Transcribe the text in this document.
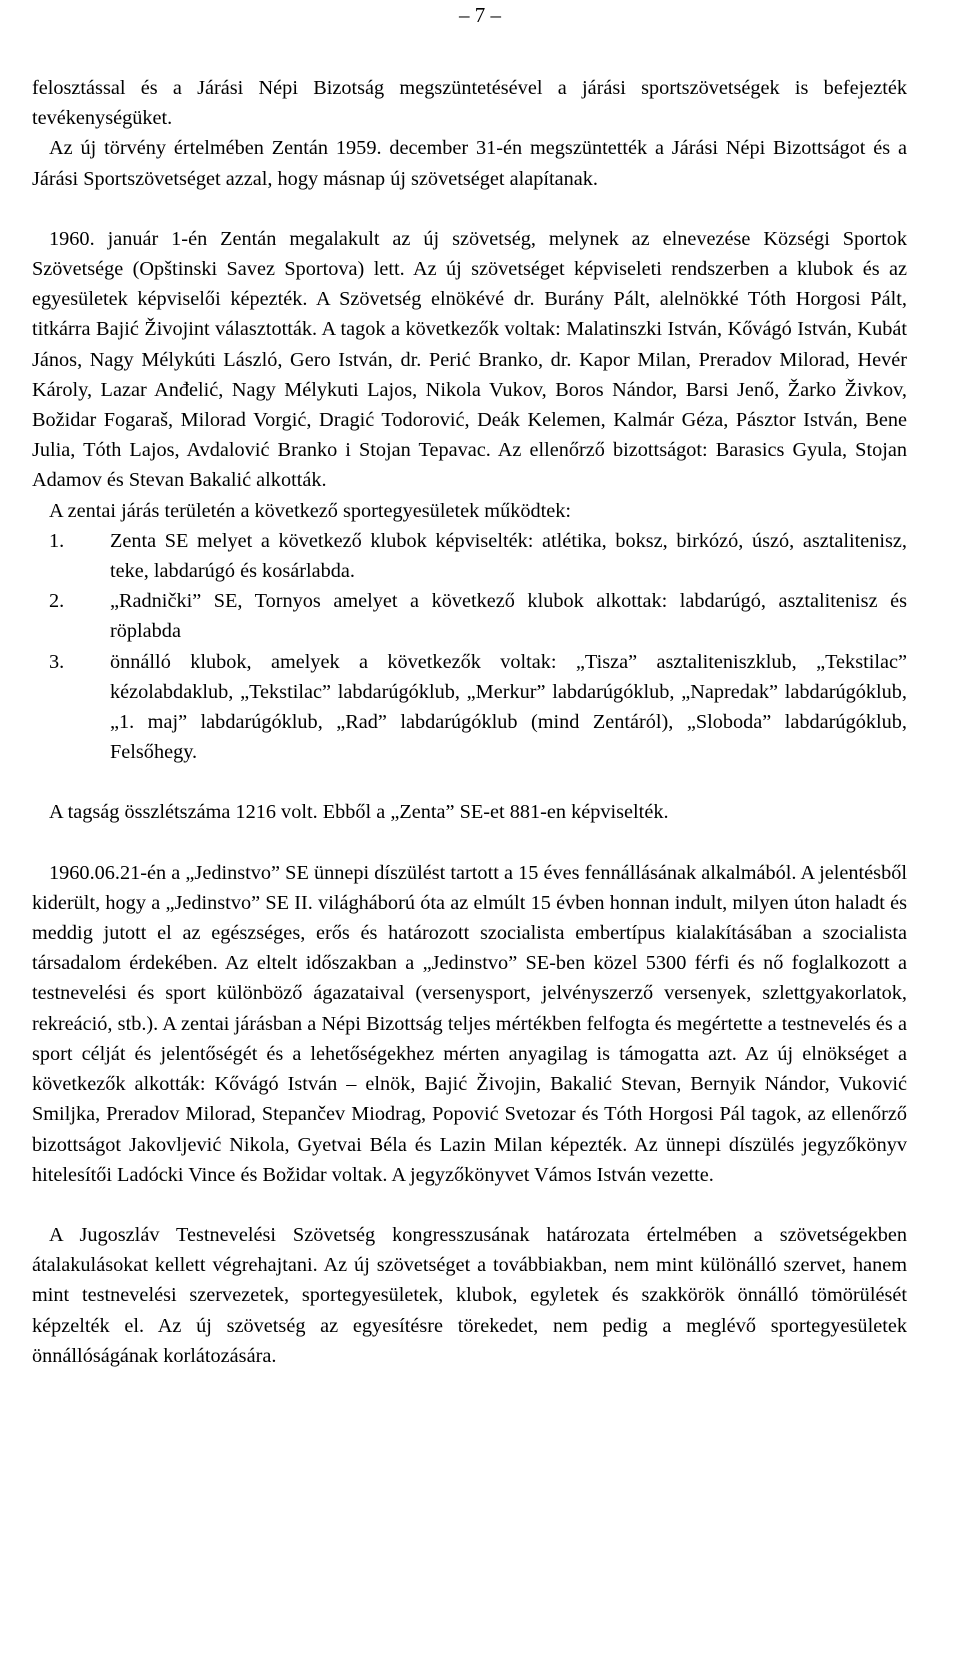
– 7 –

felosztással és a Járási Népi Bizotság megszüntetésével a járási sportszövetségek is befejezték tevékenységüket.

Az új törvény értelmében Zentán 1959. december 31-én megszüntették a Járási Népi Bizottságot és a Járási Sportszövetséget azzal, hogy másnap új szövetséget alapítanak.

1960. január 1-én Zentán megalakult az új szövetség, melynek az elnevezése Községi Sportok Szövetsége (Opštinski Savez Sportova) lett. Az új szövetséget képviseleti rendszerben a klubok és az egyesületek képviselői képezték. A Szövetség elnökévé dr. Burány Pált, alelnökké Tóth Horgosi Pált, titkárra Bajić Živojint választották. A tagok a következők voltak: Malatinszki István, Kővágó István, Kubát János, Nagy Mélykúti László, Gero István, dr. Perić Branko, dr. Kapor Milan, Preradov Milorad, Hevér Károly, Lazar Anđelić, Nagy Mélykuti Lajos, Nikola Vukov, Boros Nándor, Barsi Jenő, Žarko Živkov, Božidar Fogaraš, Milorad Vorgić, Dragić Todorović, Deák Kelemen, Kalmár Géza, Pásztor István, Bene Julia, Tóth Lajos, Avdalović Branko i Stojan Tepavac. Az ellenőrző bizottságot: Barasics Gyula, Stojan Adamov és Stevan Bakalić alkották.

A zentai járás területén a következő sportegyesületek működtek:

1. Zenta SE melyet a következő klubok képviselték: atlétika, boksz, birkózó, úszó, asztalitenisz, teke, labdarúgó és kosárlabda.
2. „Radnički” SE, Tornyos amelyet a következő klubok alkottak: labdarúgó, asztalitenisz és röplabda
3. önnálló klubok, amelyek a következők voltak: „Tisza” asztaliteniszklub, „Tekstilac” kézolabdaklub, „Tekstilac” labdarúgóklub, „Merkur” labdarúgóklub, „Napredak” labdarúgóklub, „1. maj” labdarúgóklub, „Rad” labdarúgóklub (mind Zentáról), „Sloboda” labdarúgóklub, Felsőhegy.

A tagság összlétszáma 1216 volt. Ebből a „Zenta” SE-et 881-en képviselték.

1960.06.21-én a „Jedinstvo” SE ünnepi díszülést tartott a 15 éves fennállásának alkalmából. A jelentésből kiderült, hogy a „Jedinstvo” SE II. világháború óta az elmúlt 15 évben honnan indult, milyen úton haladt és meddig jutott el az egészséges, erős és határozott szocialista embertípus kialakításában a szocialista társadalom érdekében. Az eltelt időszakban a „Jedinstvo” SE-ben közel 5300 férfi és nő foglalkozott a testnevelési és sport különböző ágazataival (versenysport, jelvényszerző versenyek, szlettgyakorlatok, rekreáció, stb.). A zentai járásban a Népi Bizottság teljes mértékben felfogta és megértette a testnevelés és a sport célját és jelentőségét és a lehetőségekhez mérten anyagilag is támogatta azt. Az új elnökséget a következők alkották: Kővágó István – elnök, Bajić Živojin, Bakalić Stevan, Bernyik Nándor, Vuković Smiljka, Preradov Milorad, Stepančev Miodrag, Popović Svetozar és Tóth Horgosi Pál tagok, az ellenőrző bizottságot Jakovljević Nikola, Gyetvai Béla és Lazin Milan képezték. Az ünnepi díszülés jegyzőkönyv hitelesítői Ladócki Vince és Božidar voltak. A jegyzőkönyvet Vámos István vezette.

A Jugoszláv Testnevelési Szövetség kongresszusának határozata értelmében a szövetségekben átalakulásokat kellett végrehajtani. Az új szövetséget a továbbiakban, nem mint különálló szervet, hanem mint testnevelési szervezetek, sportegyesületek, klubok, egyletek és szakkörök önnálló tömörülését képzelték el. Az új szövetség az egyesítésre törekedet, nem pedig a meglévő sportegyesületek önnállóságának korlátozására.
